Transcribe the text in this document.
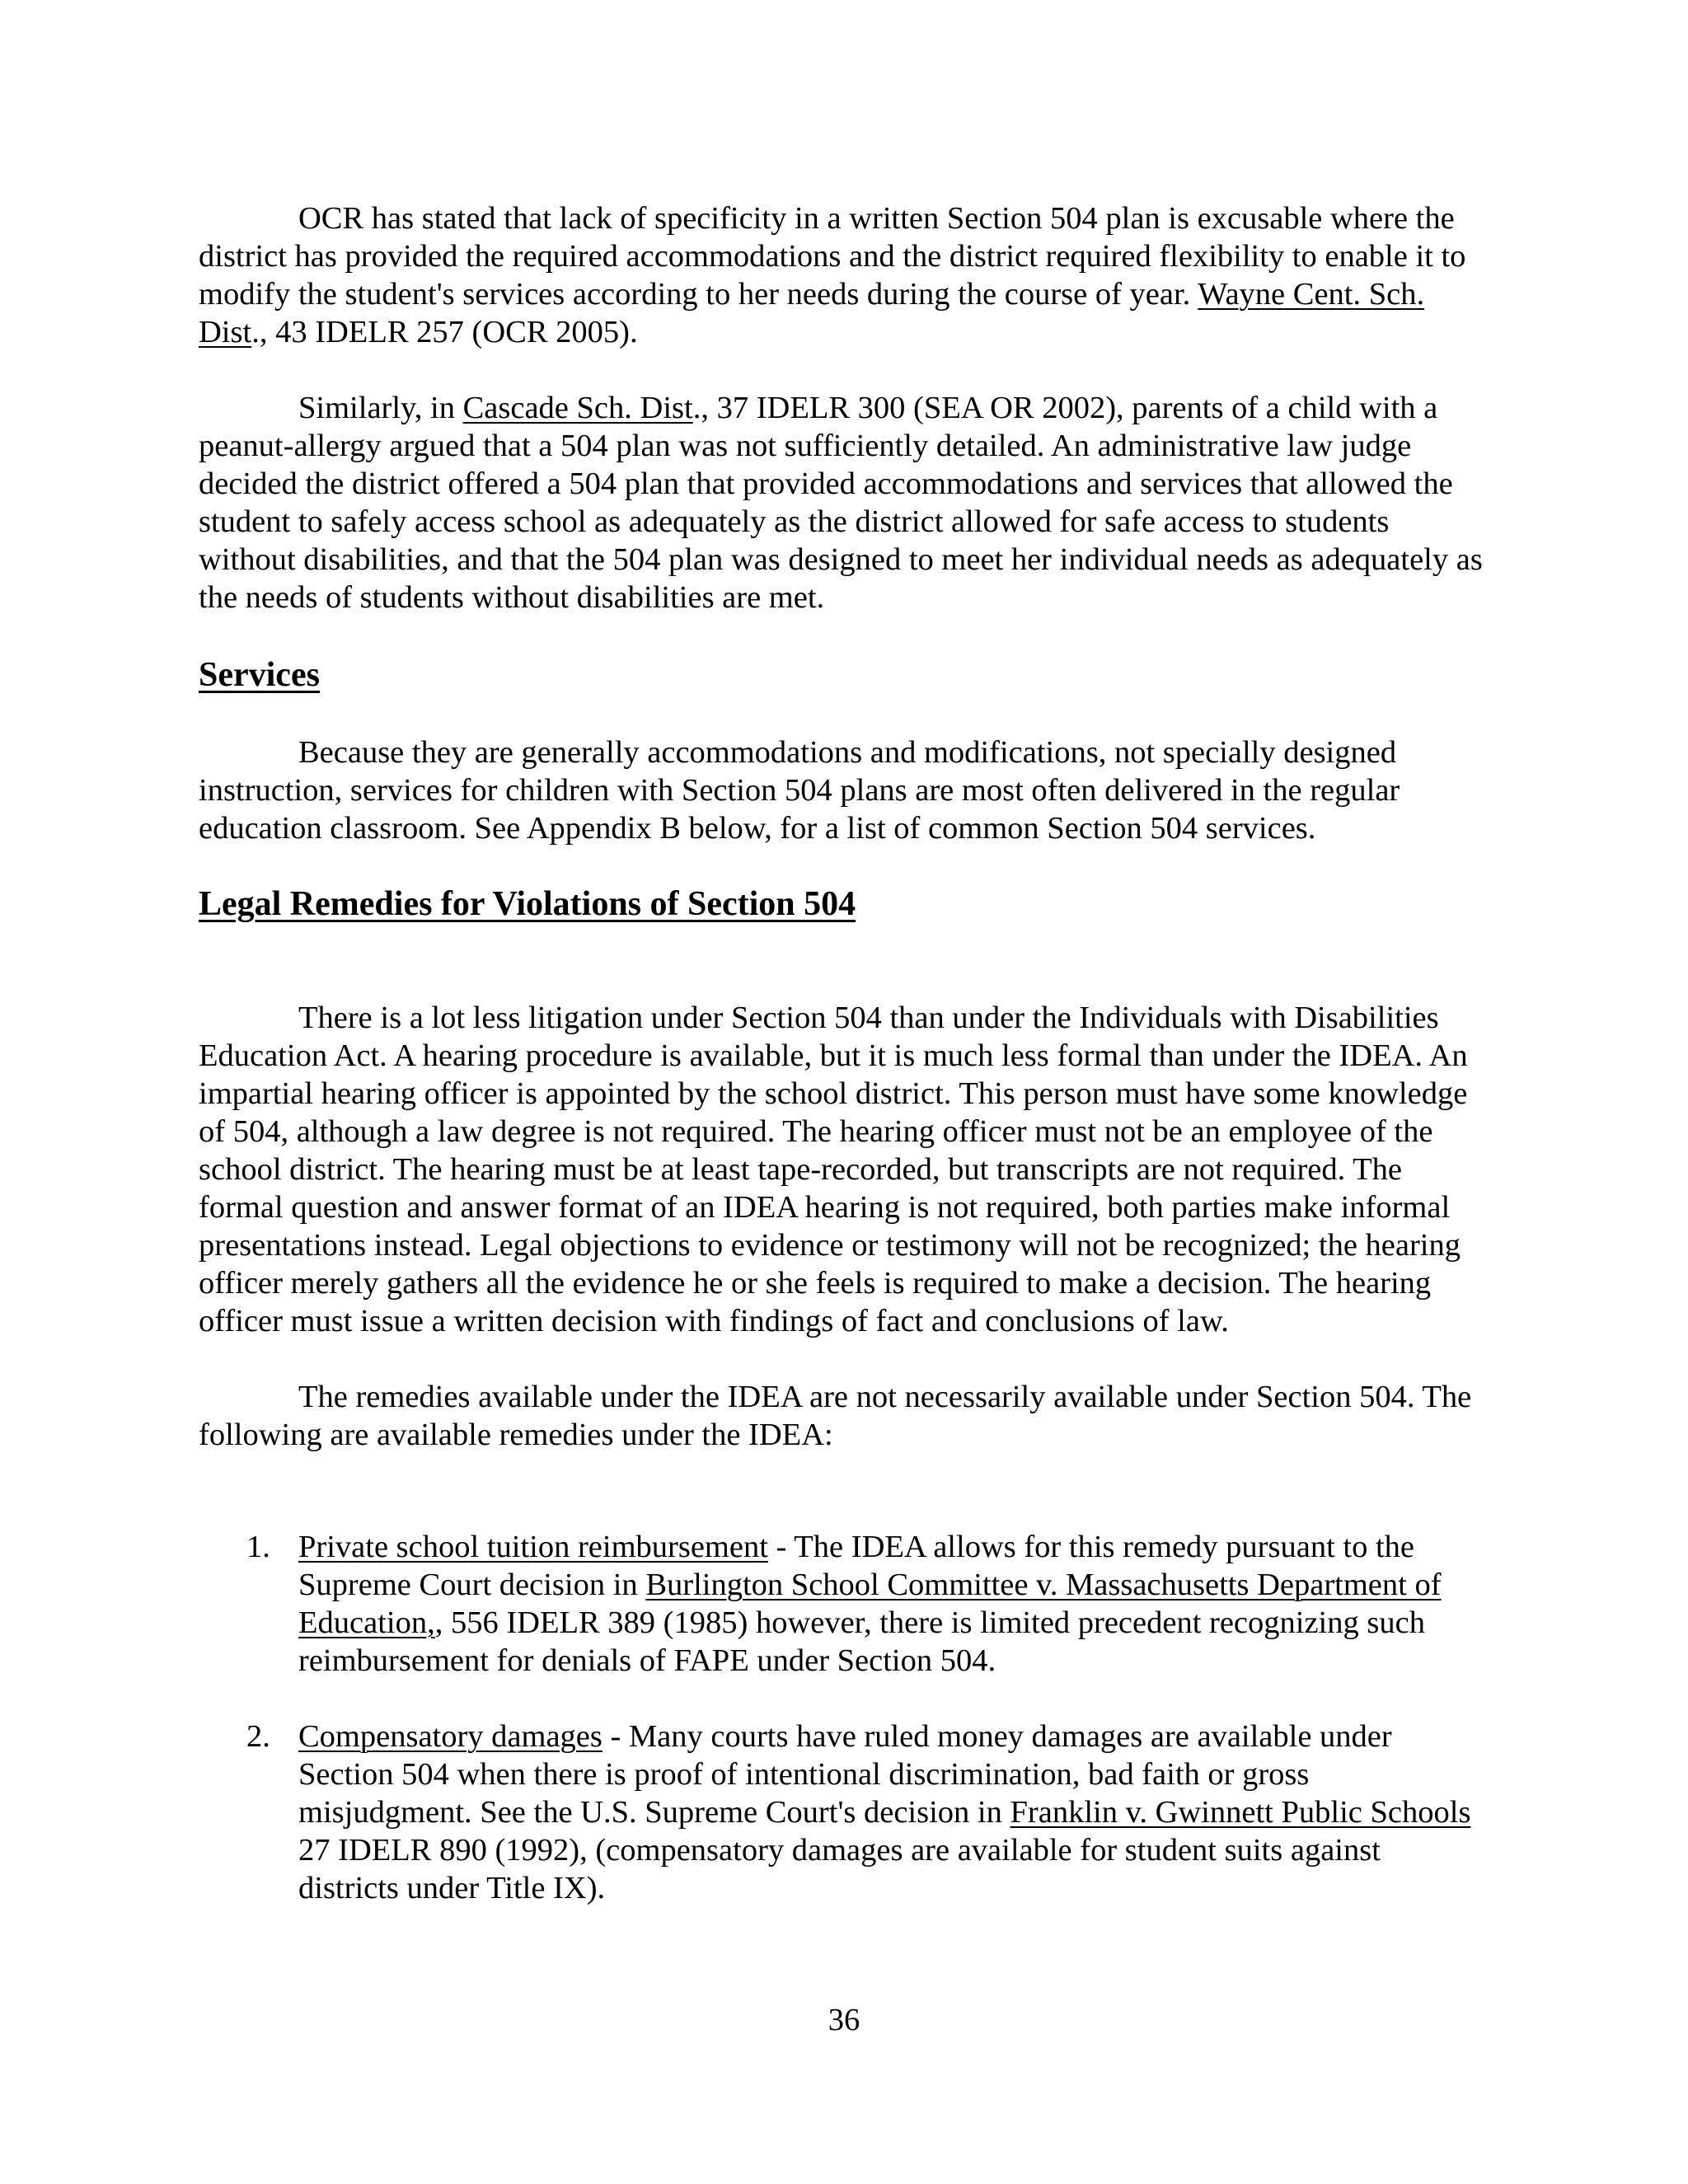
OCR has stated that lack of specificity in a written Section 504 plan is excusable where the district has provided the required accommodations and the district required flexibility to enable it to modify the student's services according to her needs during the course of year. Wayne Cent. Sch. Dist., 43 IDELR 257 (OCR 2005).

Similarly, in Cascade Sch. Dist., 37 IDELR 300 (SEA OR 2002), parents of a child with a peanut-allergy argued that a 504 plan was not sufficiently detailed. An administrative law judge decided the district offered a 504 plan that provided accommodations and services that allowed the student to safely access school as adequately as the district allowed for safe access to students without disabilities, and that the 504 plan was designed to meet her individual needs as adequately as the needs of students without disabilities are met.

Services

Because they are generally accommodations and modifications, not specially designed instruction, services for children with Section 504 plans are most often delivered in the regular education classroom. See Appendix B below, for a list of common Section 504 services.

Legal Remedies for Violations of Section 504

There is a lot less litigation under Section 504 than under the Individuals with Disabilities Education Act. A hearing procedure is available, but it is much less formal than under the IDEA. An impartial hearing officer is appointed by the school district. This person must have some knowledge of 504, although a law degree is not required. The hearing officer must not be an employee of the school district. The hearing must be at least tape-recorded, but transcripts are not required. The formal question and answer format of an IDEA hearing is not required, both parties make informal presentations instead. Legal objections to evidence or testimony will not be recognized; the hearing officer merely gathers all the evidence he or she feels is required to make a decision. The hearing officer must issue a written decision with findings of fact and conclusions of law.

The remedies available under the IDEA are not necessarily available under Section 504. The following are available remedies under the IDEA:

1. Private school tuition reimbursement - The IDEA allows for this remedy pursuant to the Supreme Court decision in Burlington School Committee v. Massachusetts Department of Education,, 556 IDELR 389 (1985) however, there is limited precedent recognizing such reimbursement for denials of FAPE under Section 504.
2. Compensatory damages - Many courts have ruled money damages are available under Section 504 when there is proof of intentional discrimination, bad faith or gross misjudgment. See the U.S. Supreme Court's decision in Franklin v. Gwinnett Public Schools 27 IDELR 890 (1992), (compensatory damages are available for student suits against districts under Title IX).
36
